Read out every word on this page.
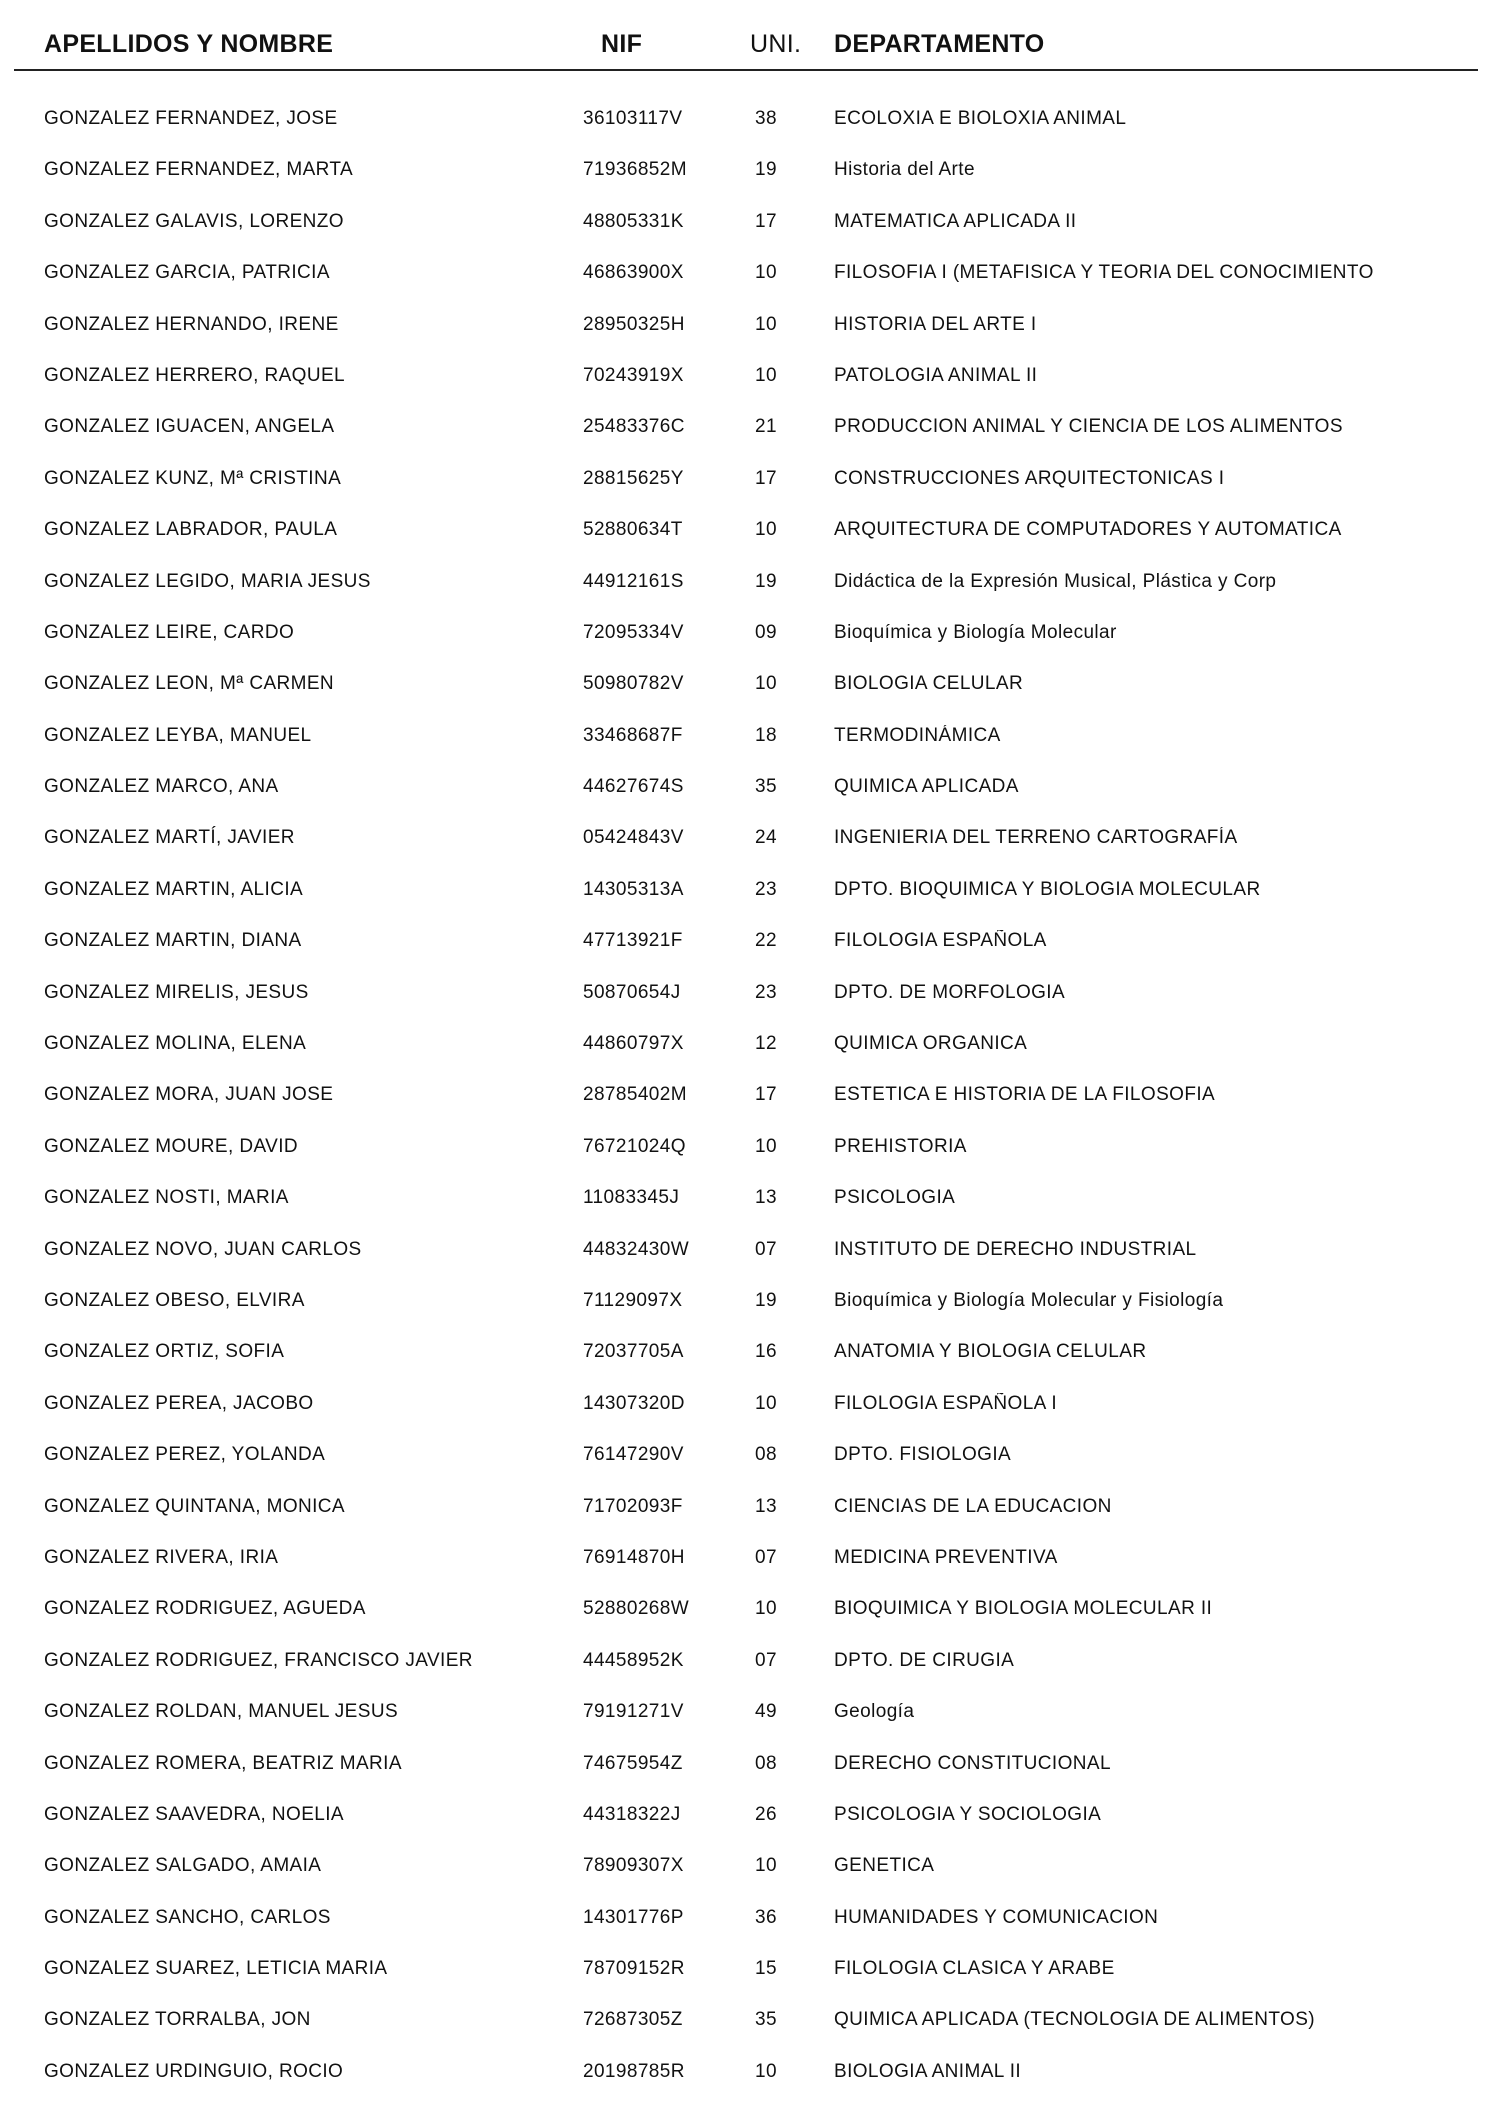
APELLIDOS Y NOMBRE	NIF	UNI. DEPARTAMENTO
GONZALEZ FERNANDEZ, JOSE	36103117V	38	ECOLOXIA E BIOLOXIA ANIMAL
GONZALEZ FERNANDEZ, MARTA	71936852M	19	Historia del Arte
GONZALEZ GALAVIS, LORENZO	48805331K	17	MATEMATICA APLICADA II
GONZALEZ GARCIA, PATRICIA	46863900X	10	FILOSOFIA I (METAFISICA Y TEORIA DEL CONOCIMIENTO
GONZALEZ HERNANDO, IRENE	28950325H	10	HISTORIA DEL ARTE I
GONZALEZ HERRERO, RAQUEL	70243919X	10	PATOLOGIA ANIMAL II
GONZALEZ IGUACEN, ANGELA	25483376C	21	PRODUCCION ANIMAL Y CIENCIA DE LOS ALIMENTOS
GONZALEZ KUNZ, Mª CRISTINA	28815625Y	17	CONSTRUCCIONES ARQUITECTONICAS I
GONZALEZ LABRADOR, PAULA	52880634T	10	ARQUITECTURA DE COMPUTADORES Y AUTOMATICA
GONZALEZ LEGIDO, MARIA JESUS	44912161S	19	Didáctica de la Expresión Musical, Plástica y Corp
GONZALEZ LEIRE, CARDO	72095334V	09	Bioquímica y Biología Molecular
GONZALEZ LEON, Mª CARMEN	50980782V	10	BIOLOGIA CELULAR
GONZALEZ LEYBA, MANUEL	33468687F	18	TERMODINÁMICA
GONZALEZ MARCO, ANA	44627674S	35	QUIMICA APLICADA
GONZALEZ MARTÍ, JAVIER	05424843V	24	INGENIERIA DEL TERRENO CARTOGRAFÍA
GONZALEZ MARTIN, ALICIA	14305313A	23	DPTO. BIOQUIMICA Y BIOLOGIA MOLECULAR
GONZALEZ MARTIN, DIANA	47713921F	22	FILOLOGIA ESPAÑOLA
GONZALEZ MIRELIS, JESUS	50870654J	23	DPTO. DE MORFOLOGIA
GONZALEZ MOLINA, ELENA	44860797X	12	QUIMICA ORGANICA
GONZALEZ MORA, JUAN JOSE	28785402M	17	ESTETICA E HISTORIA DE LA FILOSOFIA
GONZALEZ MOURE, DAVID	76721024Q	10	PREHISTORIA
GONZALEZ NOSTI, MARIA	11083345J	13	PSICOLOGIA
GONZALEZ NOVO, JUAN CARLOS	44832430W	07	INSTITUTO DE DERECHO INDUSTRIAL
GONZALEZ OBESO, ELVIRA	71129097X	19	Bioquímica y Biología Molecular y Fisiología
GONZALEZ ORTIZ, SOFIA	72037705A	16	ANATOMIA Y BIOLOGIA CELULAR
GONZALEZ PEREA, JACOBO	14307320D	10	FILOLOGIA ESPAÑOLA I
GONZALEZ PEREZ, YOLANDA	76147290V	08	DPTO. FISIOLOGIA
GONZALEZ QUINTANA, MONICA	71702093F	13	CIENCIAS DE LA EDUCACION
GONZALEZ RIVERA, IRIA	76914870H	07	MEDICINA PREVENTIVA
GONZALEZ RODRIGUEZ, AGUEDA	52880268W	10	BIOQUIMICA Y BIOLOGIA MOLECULAR II
GONZALEZ RODRIGUEZ, FRANCISCO JAVIER	44458952K	07	DPTO. DE CIRUGIA
GONZALEZ ROLDAN, MANUEL JESUS	79191271V	49	Geología
GONZALEZ ROMERA, BEATRIZ MARIA	74675954Z	08	DERECHO CONSTITUCIONAL
GONZALEZ SAAVEDRA, NOELIA	44318322J	26	PSICOLOGIA Y SOCIOLOGIA
GONZALEZ SALGADO, AMAIA	78909307X	10	GENETICA
GONZALEZ SANCHO, CARLOS	14301776P	36	HUMANIDADES Y COMUNICACION
GONZALEZ SUAREZ, LETICIA MARIA	78709152R	15	FILOLOGIA CLASICA Y ARABE
GONZALEZ TORRALBA, JON	72687305Z	35	QUIMICA APLICADA (TECNOLOGIA DE ALIMENTOS)
GONZALEZ URDINGUIO, ROCIO	20198785R	10	BIOLOGIA ANIMAL II
